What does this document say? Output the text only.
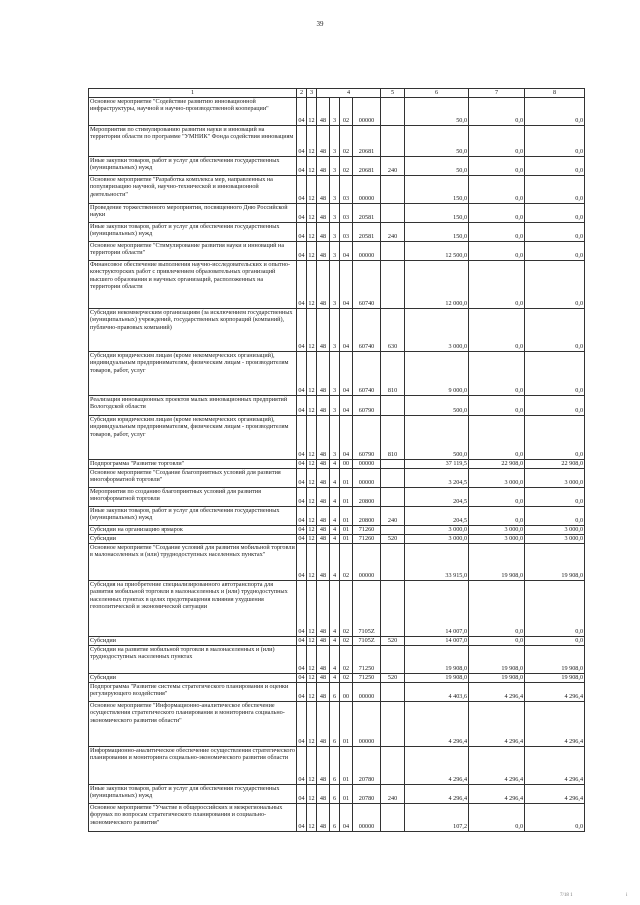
39
1	2	3	4				5	6	7	8
Основное мероприятие "Содействие развитию инновационной инфраструктуры, научной и научно-производственной кооперации"	04	12	48	3	02	00000		50,0	0,0	0,0
Мероприятия по стимулированию развития науки и инноваций на территории области по программе "УМНИК" Фонда содействия инновациям	04	12	48	3	02	20681		50,0	0,0	0,0
Иные закупки товаров, работ и услуг для обеспечения государственных (муниципальных) нужд	04	12	48	3	02	20681	240	50,0	0,0	0,0
Основное мероприятие "Разработка комплекса мер, направленных на популяризацию научной, научно-технической и инновационной деятельности"	04	12	48	3	03	00000		150,0	0,0	0,0
Проведение торжественного мероприятия, посвященного Дню Российской науки	04	12	48	3	03	20581		150,0	0,0	0,0
Иные закупки товаров, работ и услуг для обеспечения государственных (муниципальных) нужд	04	12	48	3	03	20581	240	150,0	0,0	0,0
Основное мероприятие "Стимулирование развития науки и инноваций на территории области"	04	12	48	3	04	00000		12 500,0	0,0	0,0
Финансовое обеспечение выполнения научно-исследовательских и опытно-конструкторских работ с привлечением образовательных организаций высшего образования и научных организаций, расположенных на территории области	04	12	48	3	04	60740		12 000,0	0,0	0,0
Субсидии некоммерческим организациям (за исключением государственных (муниципальных) учреждений, государственных корпораций (компаний), публично-правовых компаний)	04	12	48	3	04	60740	630	3 000,0	0,0	0,0
Субсидии юридическим лицам (кроме некоммерческих организаций), индивидуальным предпринимателям, физическим лицам - производителям товаров, работ, услуг	04	12	48	3	04	60740	810	9 000,0	0,0	0,0
Реализация инновационных проектов малых инновационных предприятий Вологодской области	04	12	48	3	04	60790		500,0	0,0	0,0
Субсидии юридическим лицам (кроме некоммерческих организаций), индивидуальным предпринимателям, физическим лицам - производителям товаров, работ, услуг	04	12	48	3	04	60790	810	500,0	0,0	0,0
Подпрограмма "Развитие торговли"	04	12	48	4	00	00000		37 119,5	22 908,0	22 908,0
Основное мероприятие "Создание благоприятных условий для развития многоформатной торговли"	04	12	48	4	01	00000		3 204,5	3 000,0	3 000,0
Мероприятия по созданию благоприятных условий для развития многоформатной торговли	04	12	48	4	01	20800		204,5	0,0	0,0
Иные закупки товаров, работ и услуг для обеспечения государственных (муниципальных) нужд	04	12	48	4	01	20800	240	204,5	0,0	0,0
Субсидии на организацию ярмарок	04	12	48	4	01	71260		3 000,0	3 000,0	3 000,0
Субсидии	04	12	48	4	01	71260	520	3 000,0	3 000,0	3 000,0
Основное мероприятие "Создание условий для развития мобильной торговли в малонаселенных и (или) труднодоступных населенных пунктах"	04	12	48	4	02	00000		33 915,0	19 908,0	19 908,0
Субсидия на приобретение специализированного автотранспорта для развития мобильной торговли в малонаселенных и (или) труднодоступных населенных пунктах в целях предотвращения влияния ухудшения геополитической и экономической ситуации	04	12	48	4	02	7105Z		14 007,0	0,0	0,0
Субсидии	04	12	48	4	02	7105Z	520	14 007,0	0,0	0,0
Субсидии на развитие мобильной торговли в малонаселенных и (или) труднодоступных населенных пунктах	04	12	48	4	02	71250		19 908,0	19 908,0	19 908,0
Субсидии	04	12	48	4	02	71250	520	19 908,0	19 908,0	19 908,0
Подпрограмма "Развитие системы стратегического планирования и оценки регулирующего воздействия"	04	12	48	6	00	00000		4 403,6	4 296,4	4 296,4
Основное мероприятие "Информационно-аналитическое обеспечение осуществления стратегического планирования и мониторинга социально-экономического развития области"	04	12	48	6	01	00000		4 296,4	4 296,4	4 296,4
Информационно-аналитическое обеспечение осуществления стратегического планирования и мониторинга социально-экономического развития области	04	12	48	6	01	20780		4 296,4	4 296,4	4 296,4
Иные закупки товаров, работ и услуг для обеспечения государственных (муниципальных) нужд	04	12	48	6	01	20780	240	4 296,4	4 296,4	4 296,4
Основное мероприятие "Участие в общероссийских и межрегиональных форумах по вопросам стратегического планирования и социально-экономического развития"	04	12	48	6	04	00000		107,2	0,0	0,0
7/18 1	i
